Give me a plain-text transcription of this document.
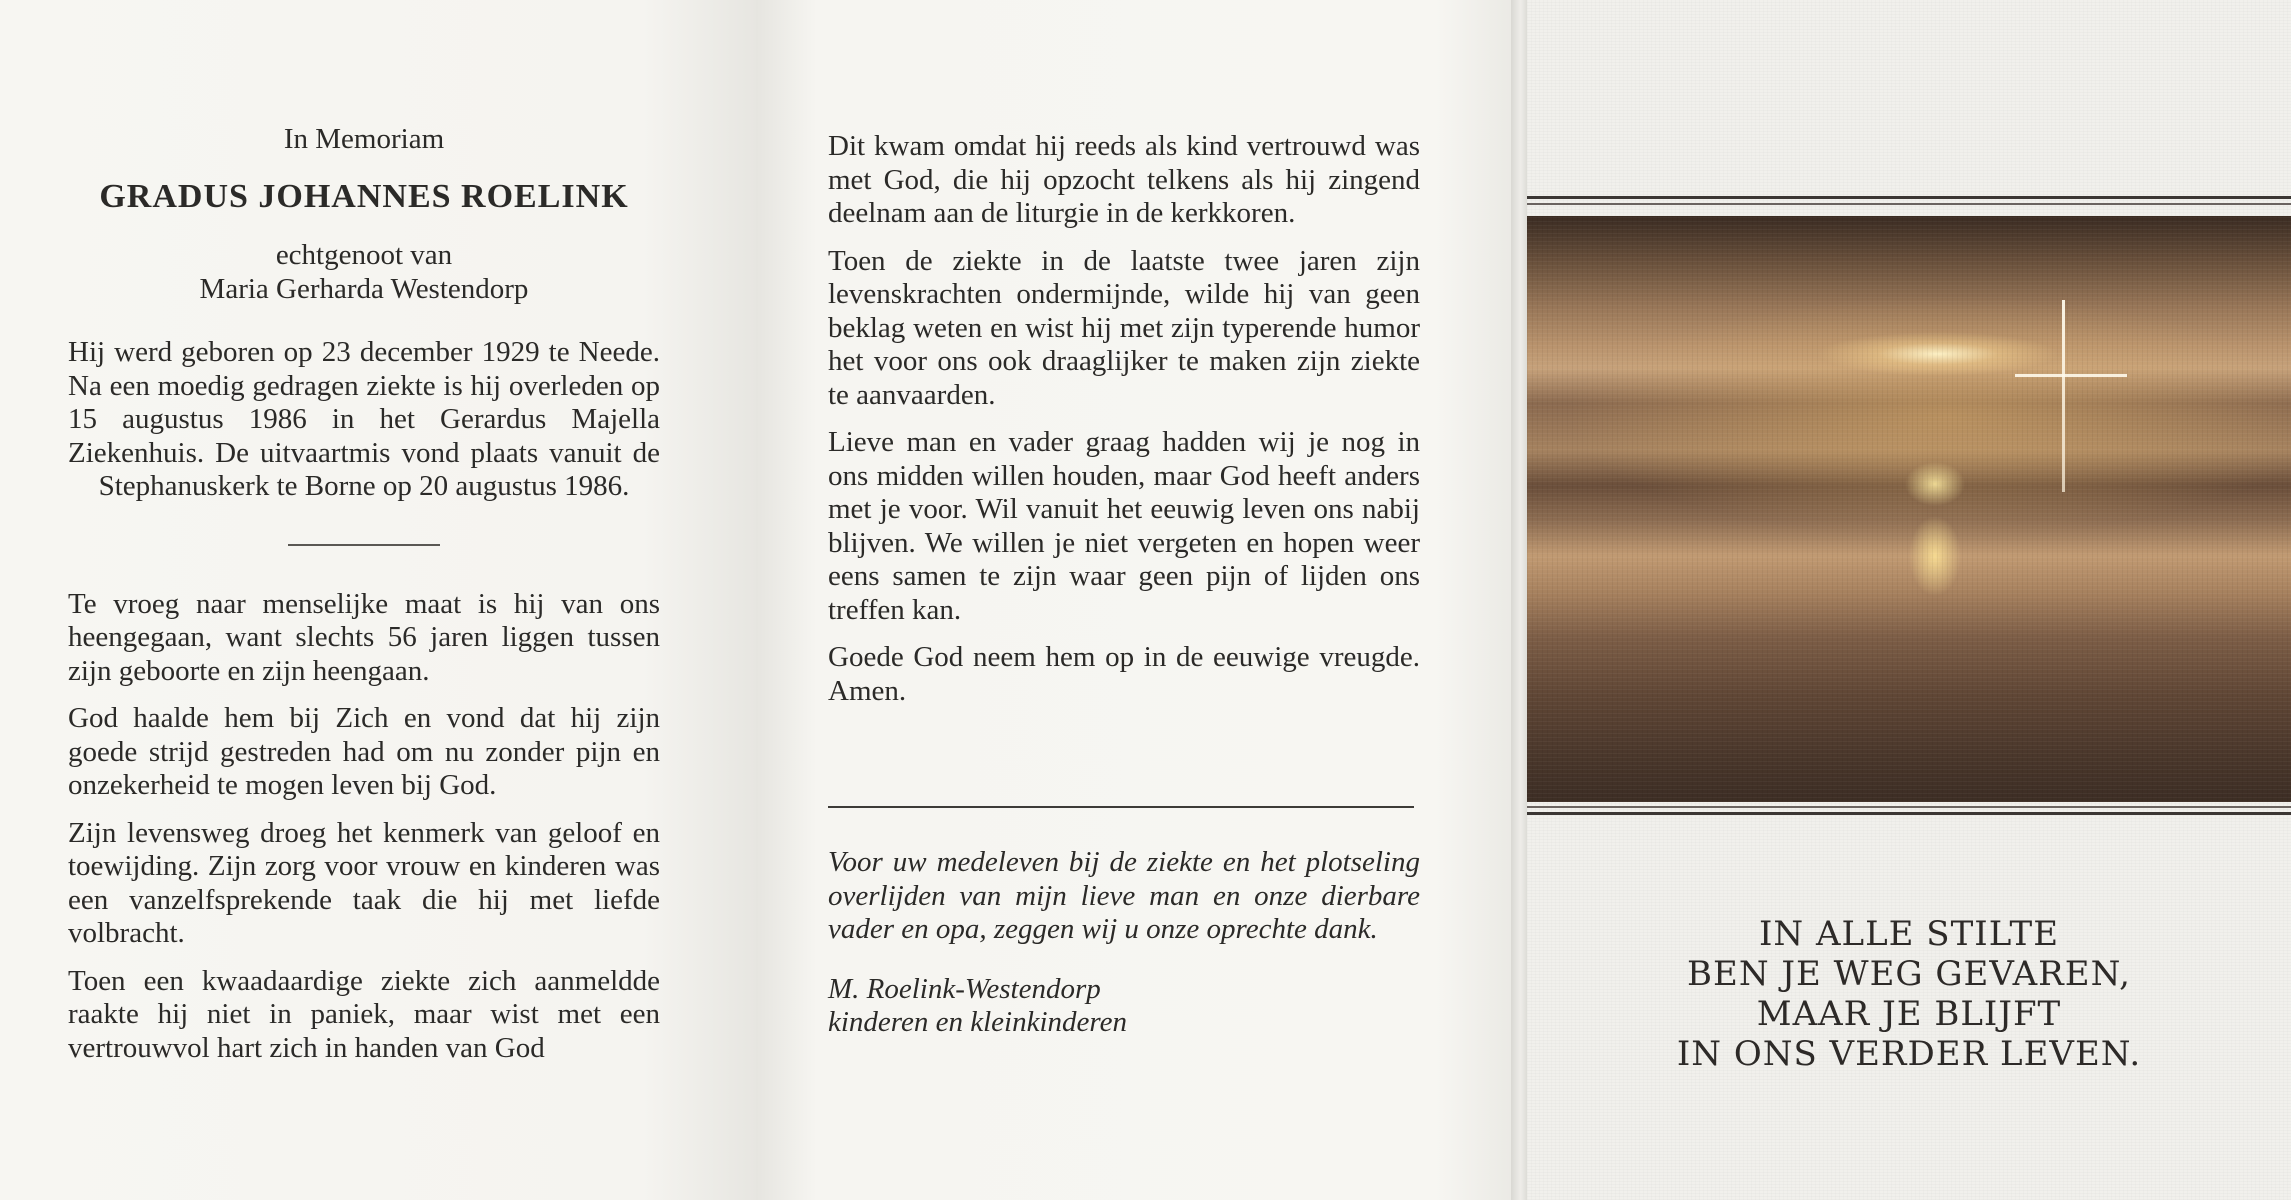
In Memoriam

GRADUS JOHANNES ROELINK

echtgenoot van

Maria Gerharda Westendorp

Hij werd geboren op 23 december 1929 te Neede. Na een moedig gedragen ziekte is hij overleden op 15 augustus 1986 in het Gerardus Majella Ziekenhuis. De uitvaartmis vond plaats vanuit de Stephanuskerk te Borne op 20 augustus 1986.

Te vroeg naar menselijke maat is hij van ons heengegaan, want slechts 56 jaren liggen tussen zijn geboorte en zijn heengaan.

God haalde hem bij Zich en vond dat hij zijn goede strijd gestreden had om nu zonder pijn en onzekerheid te mogen leven bij God.

Zijn levensweg droeg het kenmerk van geloof en toewijding. Zijn zorg voor vrouw en kinderen was een vanzelfsprekende taak die hij met liefde volbracht.

Toen een kwaadaardige ziekte zich aanmeldde raakte hij niet in paniek, maar wist met een vertrouwvol hart zich in handen van God

Dit kwam omdat hij reeds als kind vertrouwd was met God, die hij opzocht telkens als hij zingend deelnam aan de liturgie in de kerkkoren.

Toen de ziekte in de laatste twee jaren zijn levenskrachten ondermijnde, wilde hij van geen beklag weten en wist hij met zijn typerende humor het voor ons ook draaglijker te maken zijn ziekte te aanvaarden.

Lieve man en vader graag hadden wij je nog in ons midden willen houden, maar God heeft anders met je voor. Wil vanuit het eeuwig leven ons nabij blijven. We willen je niet vergeten en hopen weer eens samen te zijn waar geen pijn of lijden ons treffen kan.

Goede God neem hem op in de eeuwige vreugde. Amen.

Voor uw medeleven bij de ziekte en het plotseling overlijden van mijn lieve man en onze dierbare vader en opa, zeggen wij u onze oprechte dank.

M. Roelink-Westendorp

kinderen en kleinkinderen

IN ALLE STILTE

BEN JE WEG GEVAREN,

MAAR JE BLIJFT

IN ONS VERDER LEVEN.
